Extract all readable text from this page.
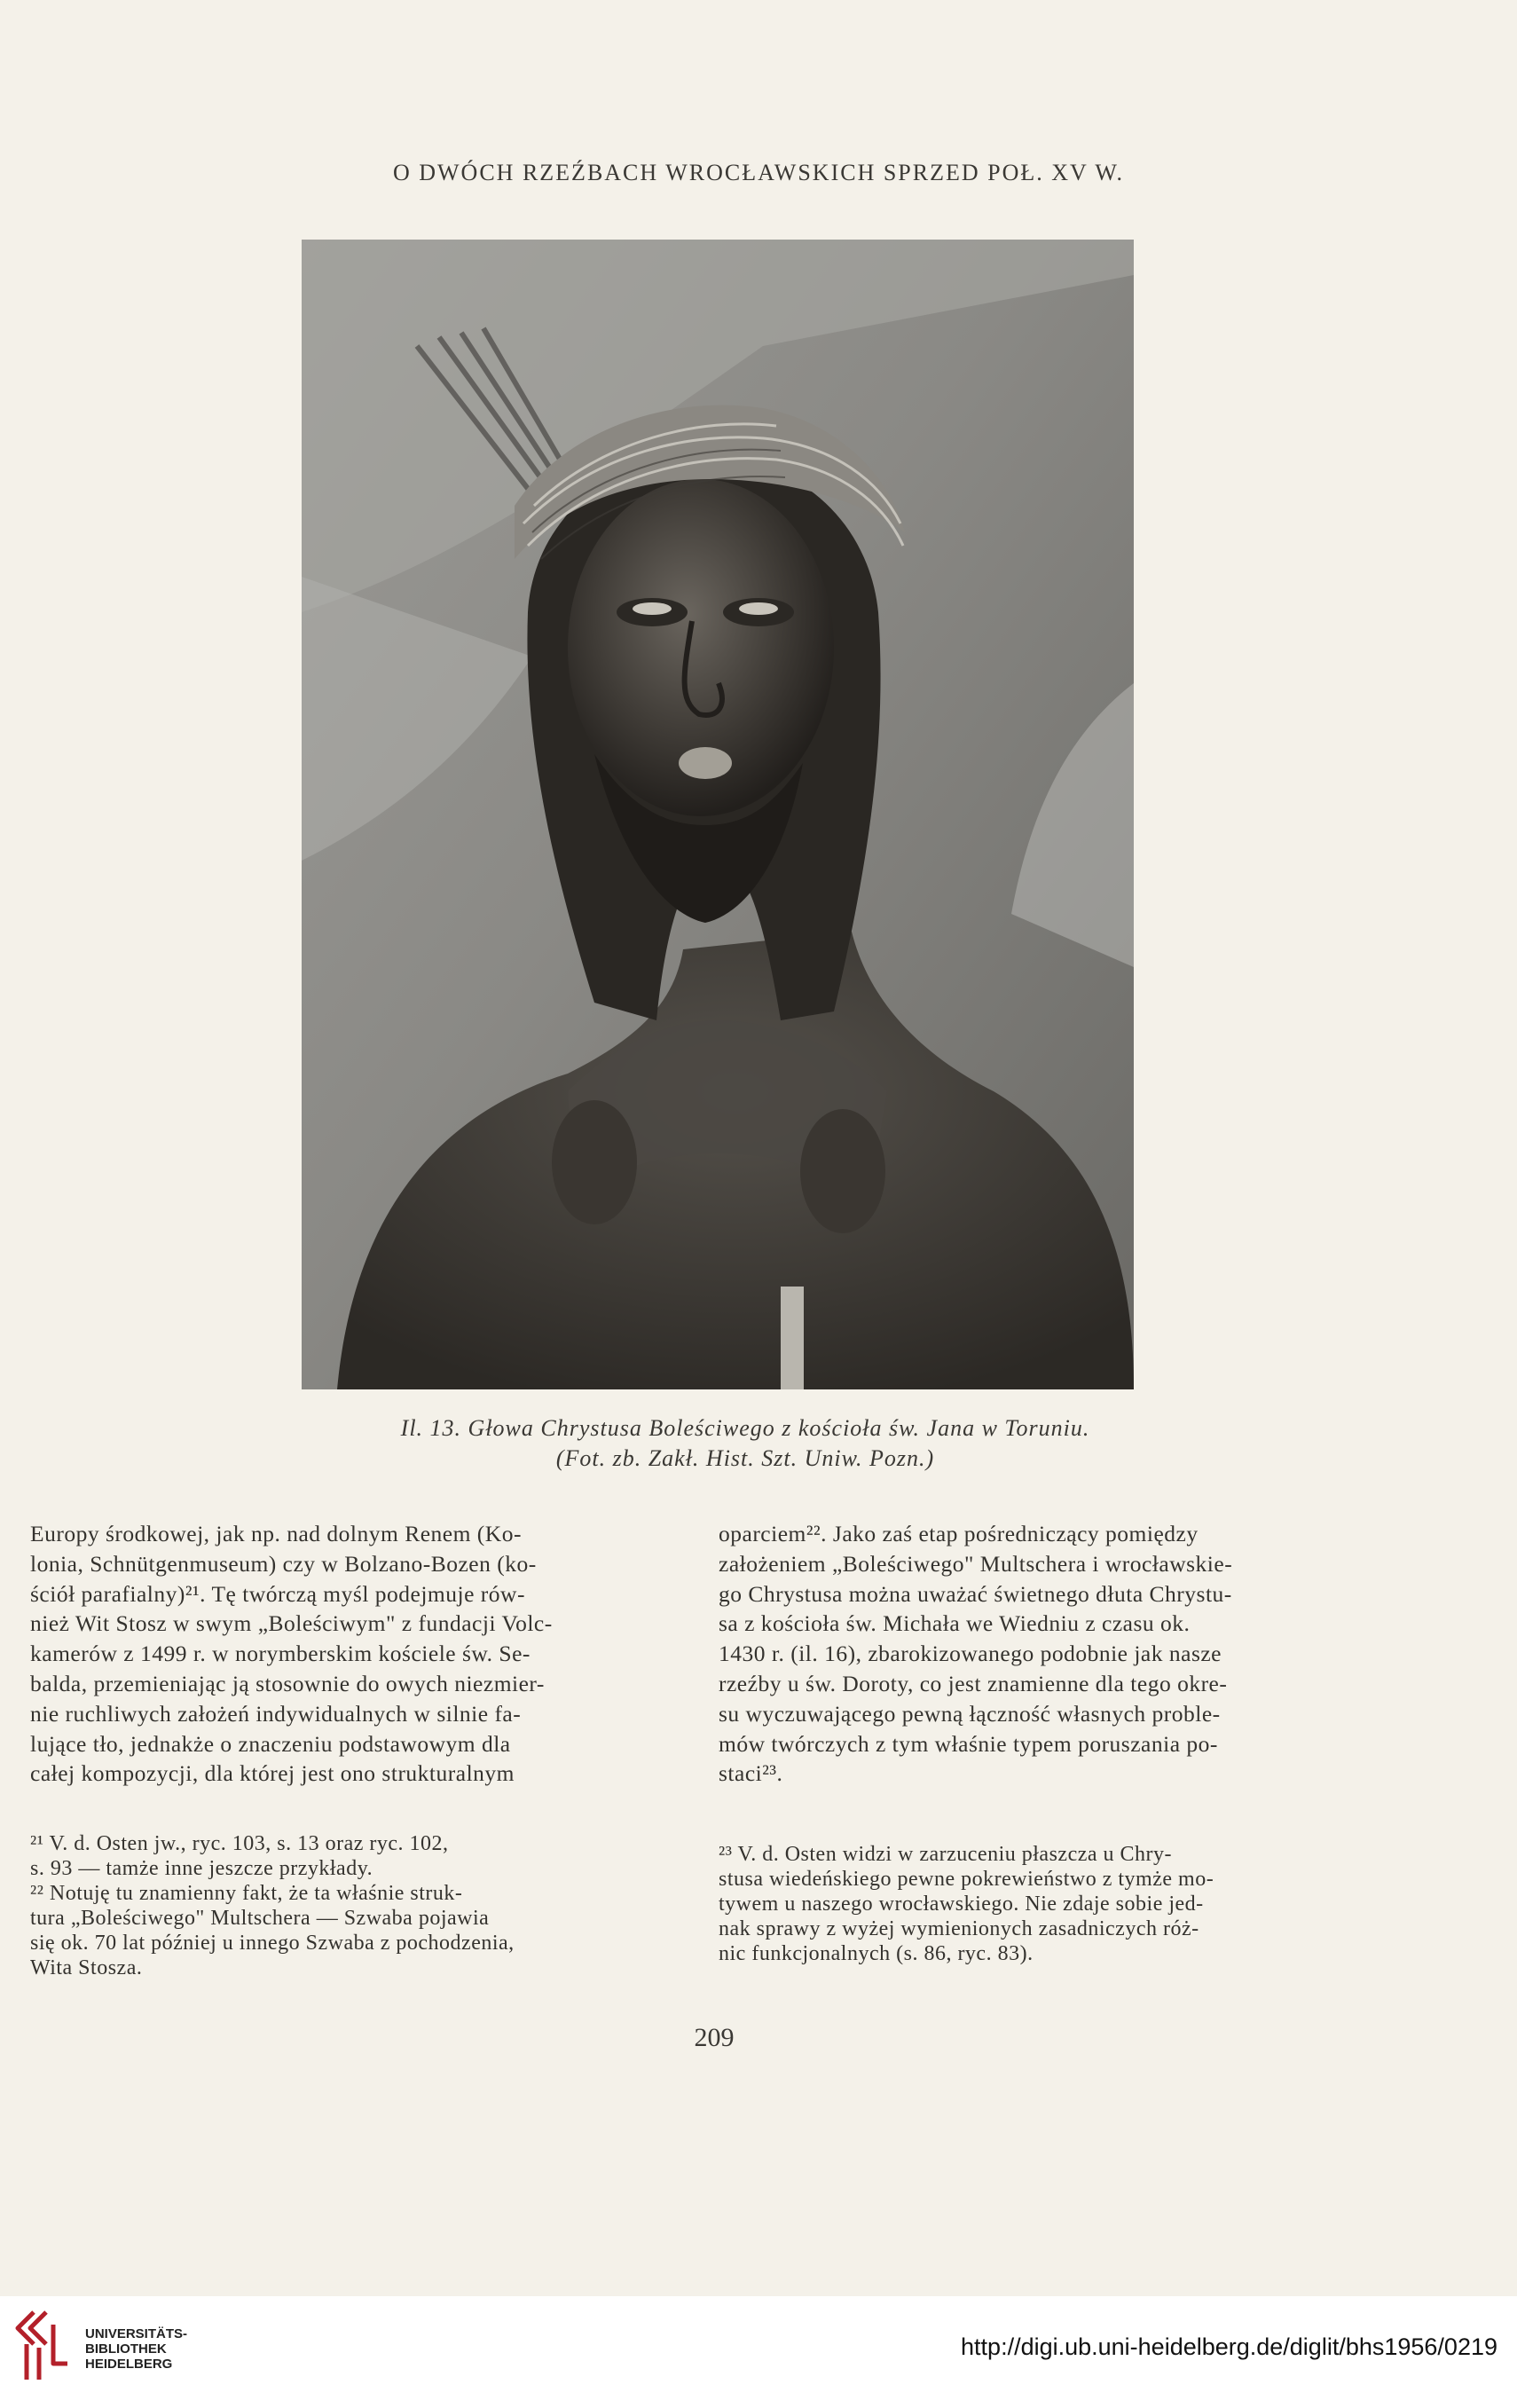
O DWÓCH RZEŹBACH WROCŁAWSKICH SPRZED POŁ. XV W.
Il. 13. Głowa Chrystusa Boleściwego z kościoła św. Jana w Toruniu.
(Fot. zb. Zakł. Hist. Szt. Uniw. Pozn.)
Europy środkowej, jak np. nad dolnym Renem (Ko-
lonia, Schnütgenmuseum) czy w Bolzano-Bozen (ko-
ściół parafialny)²¹. Tę twórczą myśl podejmuje rów-
nież Wit Stosz w swym „Boleściwym" z fundacji Volc-
kamerów z 1499 r. w norymberskim kościele św. Se-
balda, przemieniając ją stosownie do owych niezmier-
nie ruchliwych założeń indywidualnych w silnie fa-
lujące tło, jednakże o znaczeniu podstawowym dla
całej kompozycji, dla której jest ono strukturalnym
oparciem²². Jako zaś etap pośredniczący pomiędzy
założeniem „Boleściwego" Multschera i wrocławskie-
go Chrystusa można uważać świetnego dłuta Chrystu-
sa z kościoła św. Michała we Wiedniu z czasu ok.
1430 r. (il. 16), zbarokizowanego podobnie jak nasze
rzeźby u św. Doroty, co jest znamienne dla tego okre-
su wyczuwającego pewną łączność własnych proble-
mów twórczych z tym właśnie typem poruszania po-
staci²³.
²¹ V. d. Osten jw., ryc. 103, s. 13 oraz ryc. 102,
s. 93 — tamże inne jeszcze przykłady.
²² Notuję tu znamienny fakt, że ta właśnie struk-
tura „Boleściwego" Multschera — Szwaba pojawia
się ok. 70 lat później u innego Szwaba z pochodzenia,
Wita Stosza.
²³ V. d. Osten widzi w zarzuceniu płaszcza u Chry-
stusa wiedeńskiego pewne pokrewieństwo z tymże mo-
tywem u naszego wrocławskiego. Nie zdaje sobie jed-
nak sprawy z wyżej wymienionych zasadniczych róż-
nic funkcjonalnych (s. 86, ryc. 83).
209
UNIVERSITÄTS-
BIBLIOTHEK
HEIDELBERG
http://digi.ub.uni-heidelberg.de/diglit/bhs1956/0219
